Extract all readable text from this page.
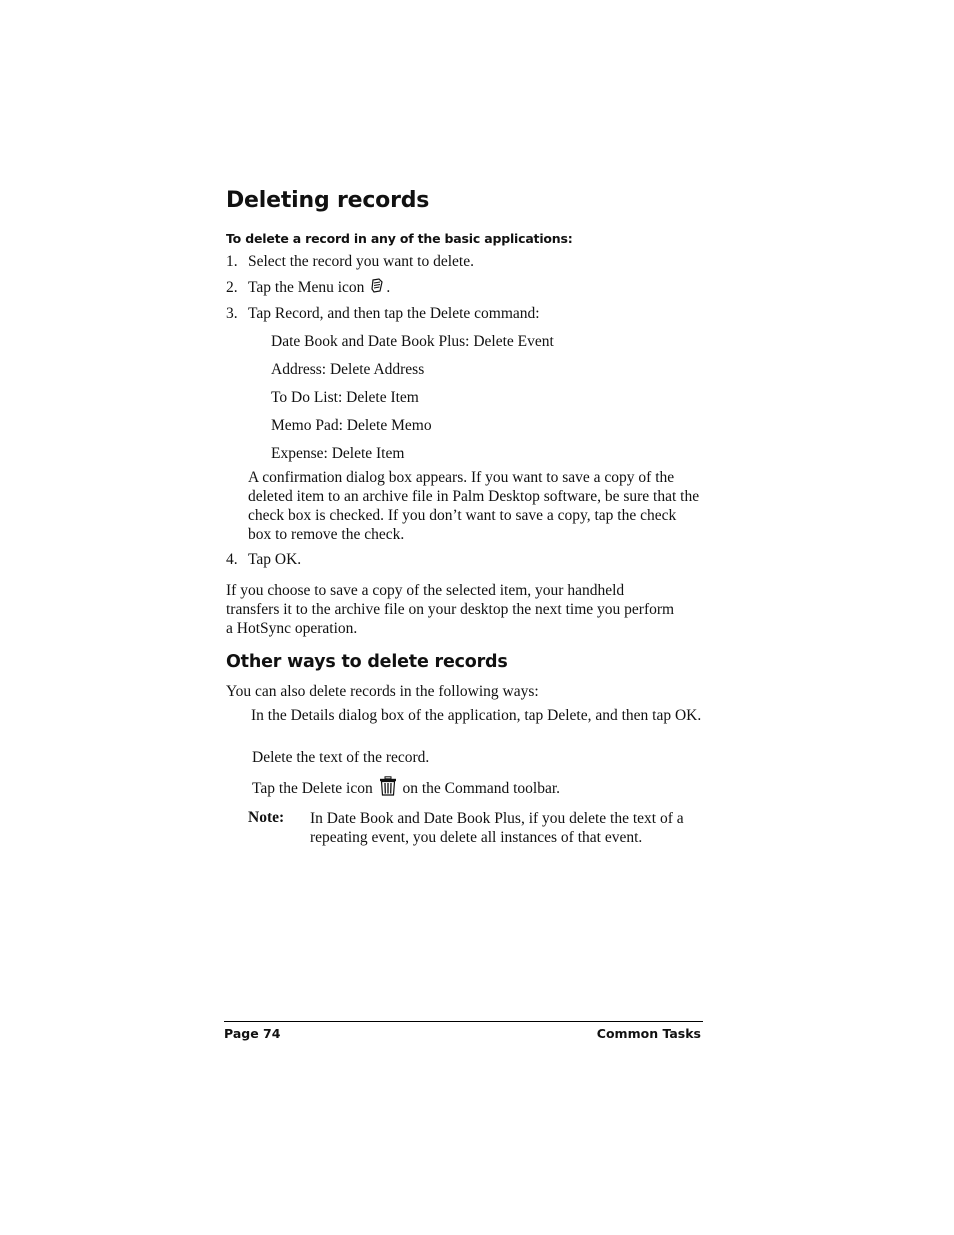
Deleting records
To delete a record in any of the basic applications:
1. Select the record you want to delete.
2. Tap the Menu icon .
3. Tap Record, and then tap the Delete command:
Date Book and Date Book Plus: Delete Event
Address: Delete Address
To Do List: Delete Item
Memo Pad: Delete Memo
Expense: Delete Item
A confirmation dialog box appears. If you want to save a copy of the deleted item to an archive file in Palm Desktop software, be sure that the check box is checked. If you don’t want to save a copy, tap the check box to remove the check.
4. Tap OK.
If you choose to save a copy of the selected item, your handheld transfers it to the archive file on your desktop the next time you perform a HotSync operation.
Other ways to delete records
You can also delete records in the following ways:
In the Details dialog box of the application, tap Delete, and then tap OK.
Delete the text of the record.
Tap the Delete icon on the Command toolbar.
Note: In Date Book and Date Book Plus, if you delete the text of a repeating event, you delete all instances of that event.
Page 74	Common Tasks
